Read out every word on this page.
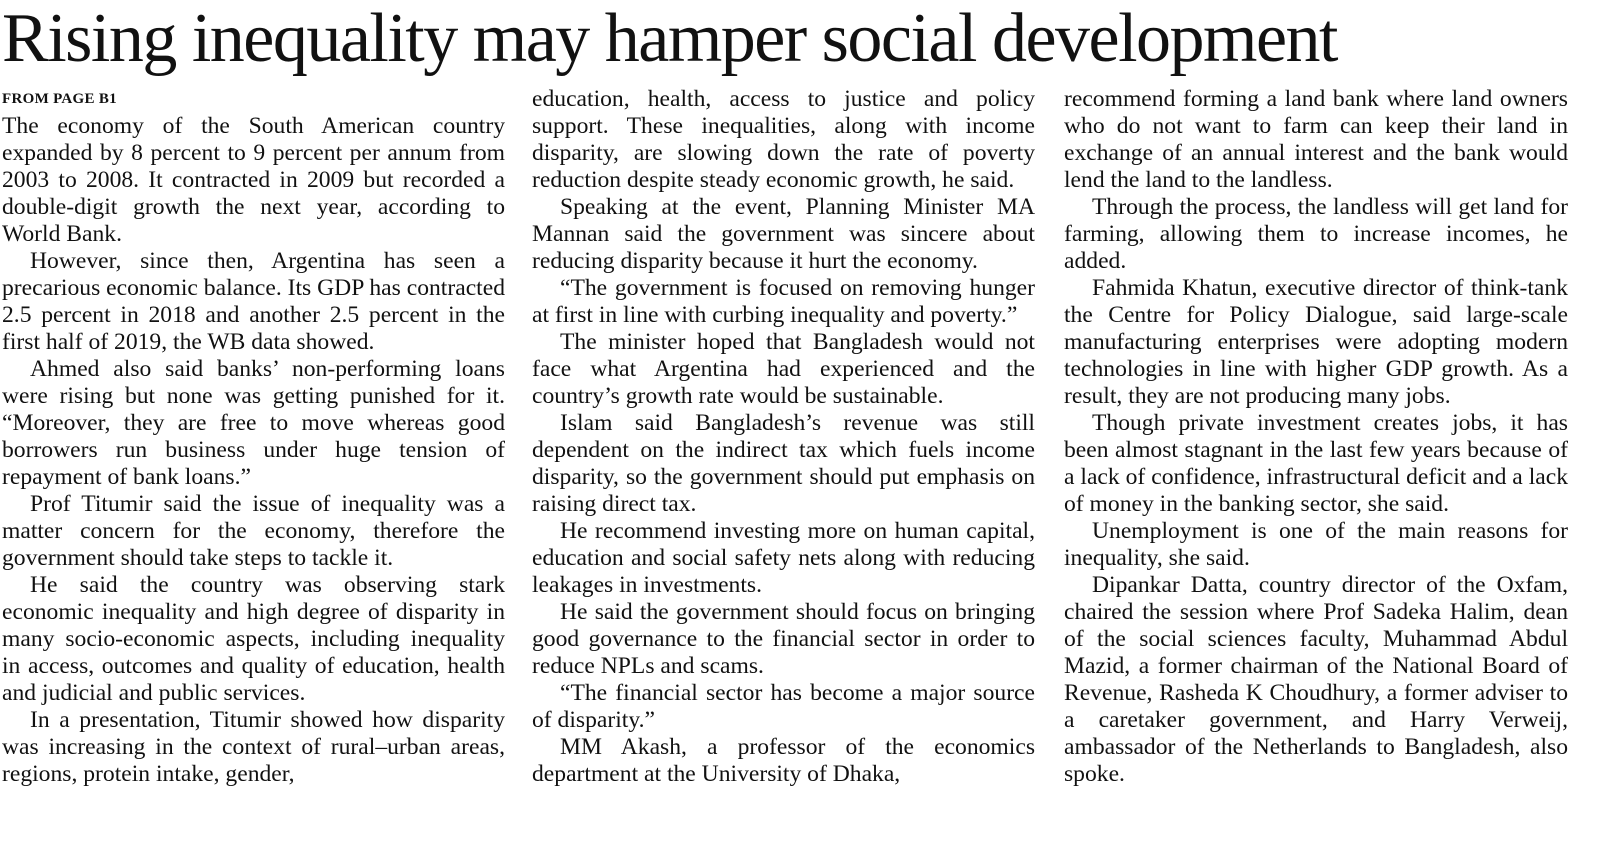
Rising inequality may hamper social development
FROM PAGE B1

The economy of the South American country expanded by 8 percent to 9 percent per annum from 2003 to 2008. It contracted in 2009 but recorded a double-digit growth the next year, according to World Bank.

However, since then, Argentina has seen a precarious economic balance. Its GDP has contracted 2.5 percent in 2018 and another 2.5 percent in the first half of 2019, the WB data showed.

Ahmed also said banks’ non-performing loans were rising but none was getting punished for it. “Moreover, they are free to move whereas good borrowers run business under huge tension of repayment of bank loans.”

Prof Titumir said the issue of inequality was a matter concern for the economy, therefore the government should take steps to tackle it.

He said the country was observing stark economic inequality and high degree of disparity in many socio-economic aspects, including inequality in access, outcomes and quality of education, health and judicial and public services.

In a presentation, Titumir showed how disparity was increasing in the context of rural–urban areas, regions, protein intake, gender,

education, health, access to justice and policy support. These inequalities, along with income disparity, are slowing down the rate of poverty reduction despite steady economic growth, he said.

Speaking at the event, Planning Minister MA Mannan said the government was sincere about reducing disparity because it hurt the economy.

“The government is focused on removing hunger at first in line with curbing inequality and poverty.”

The minister hoped that Bangladesh would not face what Argentina had experienced and the country’s growth rate would be sustainable.

Islam said Bangladesh’s revenue was still dependent on the indirect tax which fuels income disparity, so the government should put emphasis on raising direct tax.

He recommend investing more on human capital, education and social safety nets along with reducing leakages in investments.

He said the government should focus on bringing good governance to the financial sector in order to reduce NPLs and scams.

“The financial sector has become a major source of disparity.”

MM Akash, a professor of the economics department at the University of Dhaka,

recommend forming a land bank where land owners who do not want to farm can keep their land in exchange of an annual interest and the bank would lend the land to the landless.

Through the process, the landless will get land for farming, allowing them to increase incomes, he added.

Fahmida Khatun, executive director of think-tank the Centre for Policy Dialogue, said large-scale manufacturing enterprises were adopting modern technologies in line with higher GDP growth. As a result, they are not producing many jobs.

Though private investment creates jobs, it has been almost stagnant in the last few years because of a lack of confidence, infrastructural deficit and a lack of money in the banking sector, she said.

Unemployment is one of the main reasons for inequality, she said.

Dipankar Datta, country director of the Oxfam, chaired the session where Prof Sadeka Halim, dean of the social sciences faculty, Muhammad Abdul Mazid, a former chairman of the National Board of Revenue, Rasheda K Choudhury, a former adviser to a caretaker government, and Harry Verweij, ambassador of the Netherlands to Bangladesh, also spoke.
